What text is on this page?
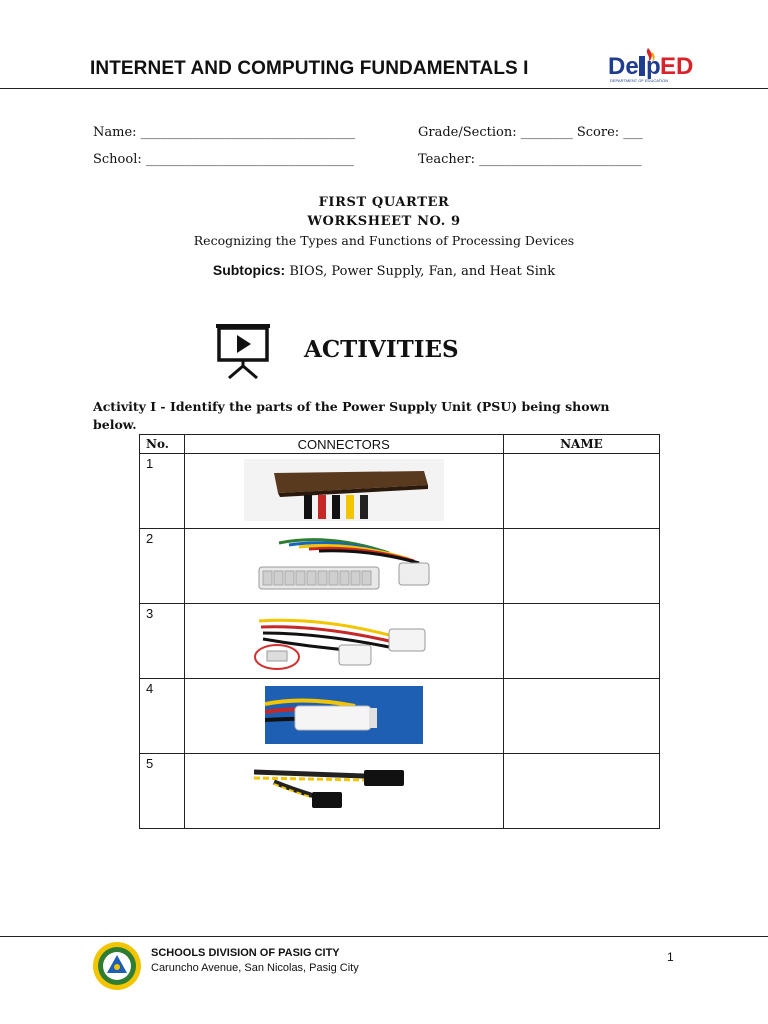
INTERNET AND COMPUTING FUNDAMENTALS I	De p ED
DEPARTMENT OF EDUCATION
Name: _________________________________	Grade/Section: ________ Score: ___
School: ________________________________	Teacher: _________________________
FIRST QUARTER
WORKSHEET NO. 9
Recognizing the Types and Functions of Processing Devices
Subtopics: BIOS, Power Supply, Fan, and Heat Sink
ACTIVITIES
Activity I - Identify the parts of the Power Supply Unit (PSU) being shown below.
No.	CONNECTORS	NAME
1		
2		
3		
4		
5		
SCHOOLS DIVISION OF PASIG CITY
Caruncho Avenue, San Nicolas, Pasig City
1
